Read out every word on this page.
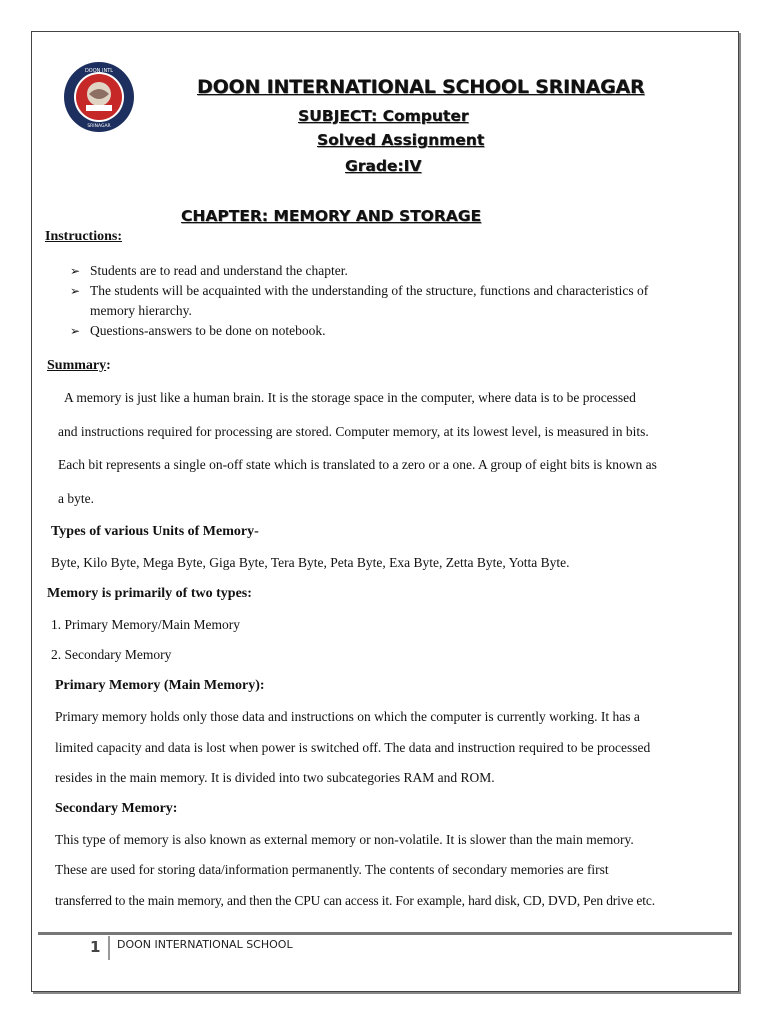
DOON INTL
SRINAGAR
DOON INTERNATIONAL SCHOOL SRINAGAR
SUBJECT: Computer
Solved Assignment
Grade:IV
CHAPTER: MEMORY AND STORAGE
Instructions:
➢ Students are to read and understand the chapter.
➢ The students will be acquainted with the understanding of the structure, functions and characteristics of
memory hierarchy.
➢ Questions-answers to be done on notebook.
Summary:
A memory is just like a human brain. It is the storage space in the computer, where data is to be processed
and instructions required for processing are stored. Computer memory, at its lowest level, is measured in bits.
Each bit represents a single on-off state which is translated to a zero or a one. A group of eight bits is known as
a byte.
Types of various Units of Memory-
Byte, Kilo Byte, Mega Byte, Giga Byte, Tera Byte, Peta Byte, Exa Byte, Zetta Byte, Yotta Byte.
Memory is primarily of two types:
1. Primary Memory/Main Memory
2. Secondary Memory
Primary Memory (Main Memory):
Primary memory holds only those data and instructions on which the computer is currently working. It has a
limited capacity and data is lost when power is switched off. The data and instruction required to be processed
resides in the main memory. It is divided into two subcategories RAM and ROM.
Secondary Memory:
This type of memory is also known as external memory or non-volatile. It is slower than the main memory.
These are used for storing data/information permanently. The contents of secondary memories are first
transferred to the main memory, and then the CPU can access it. For example, hard disk, CD, DVD, Pen drive etc.
1 DOON INTERNATIONAL SCHOOL
